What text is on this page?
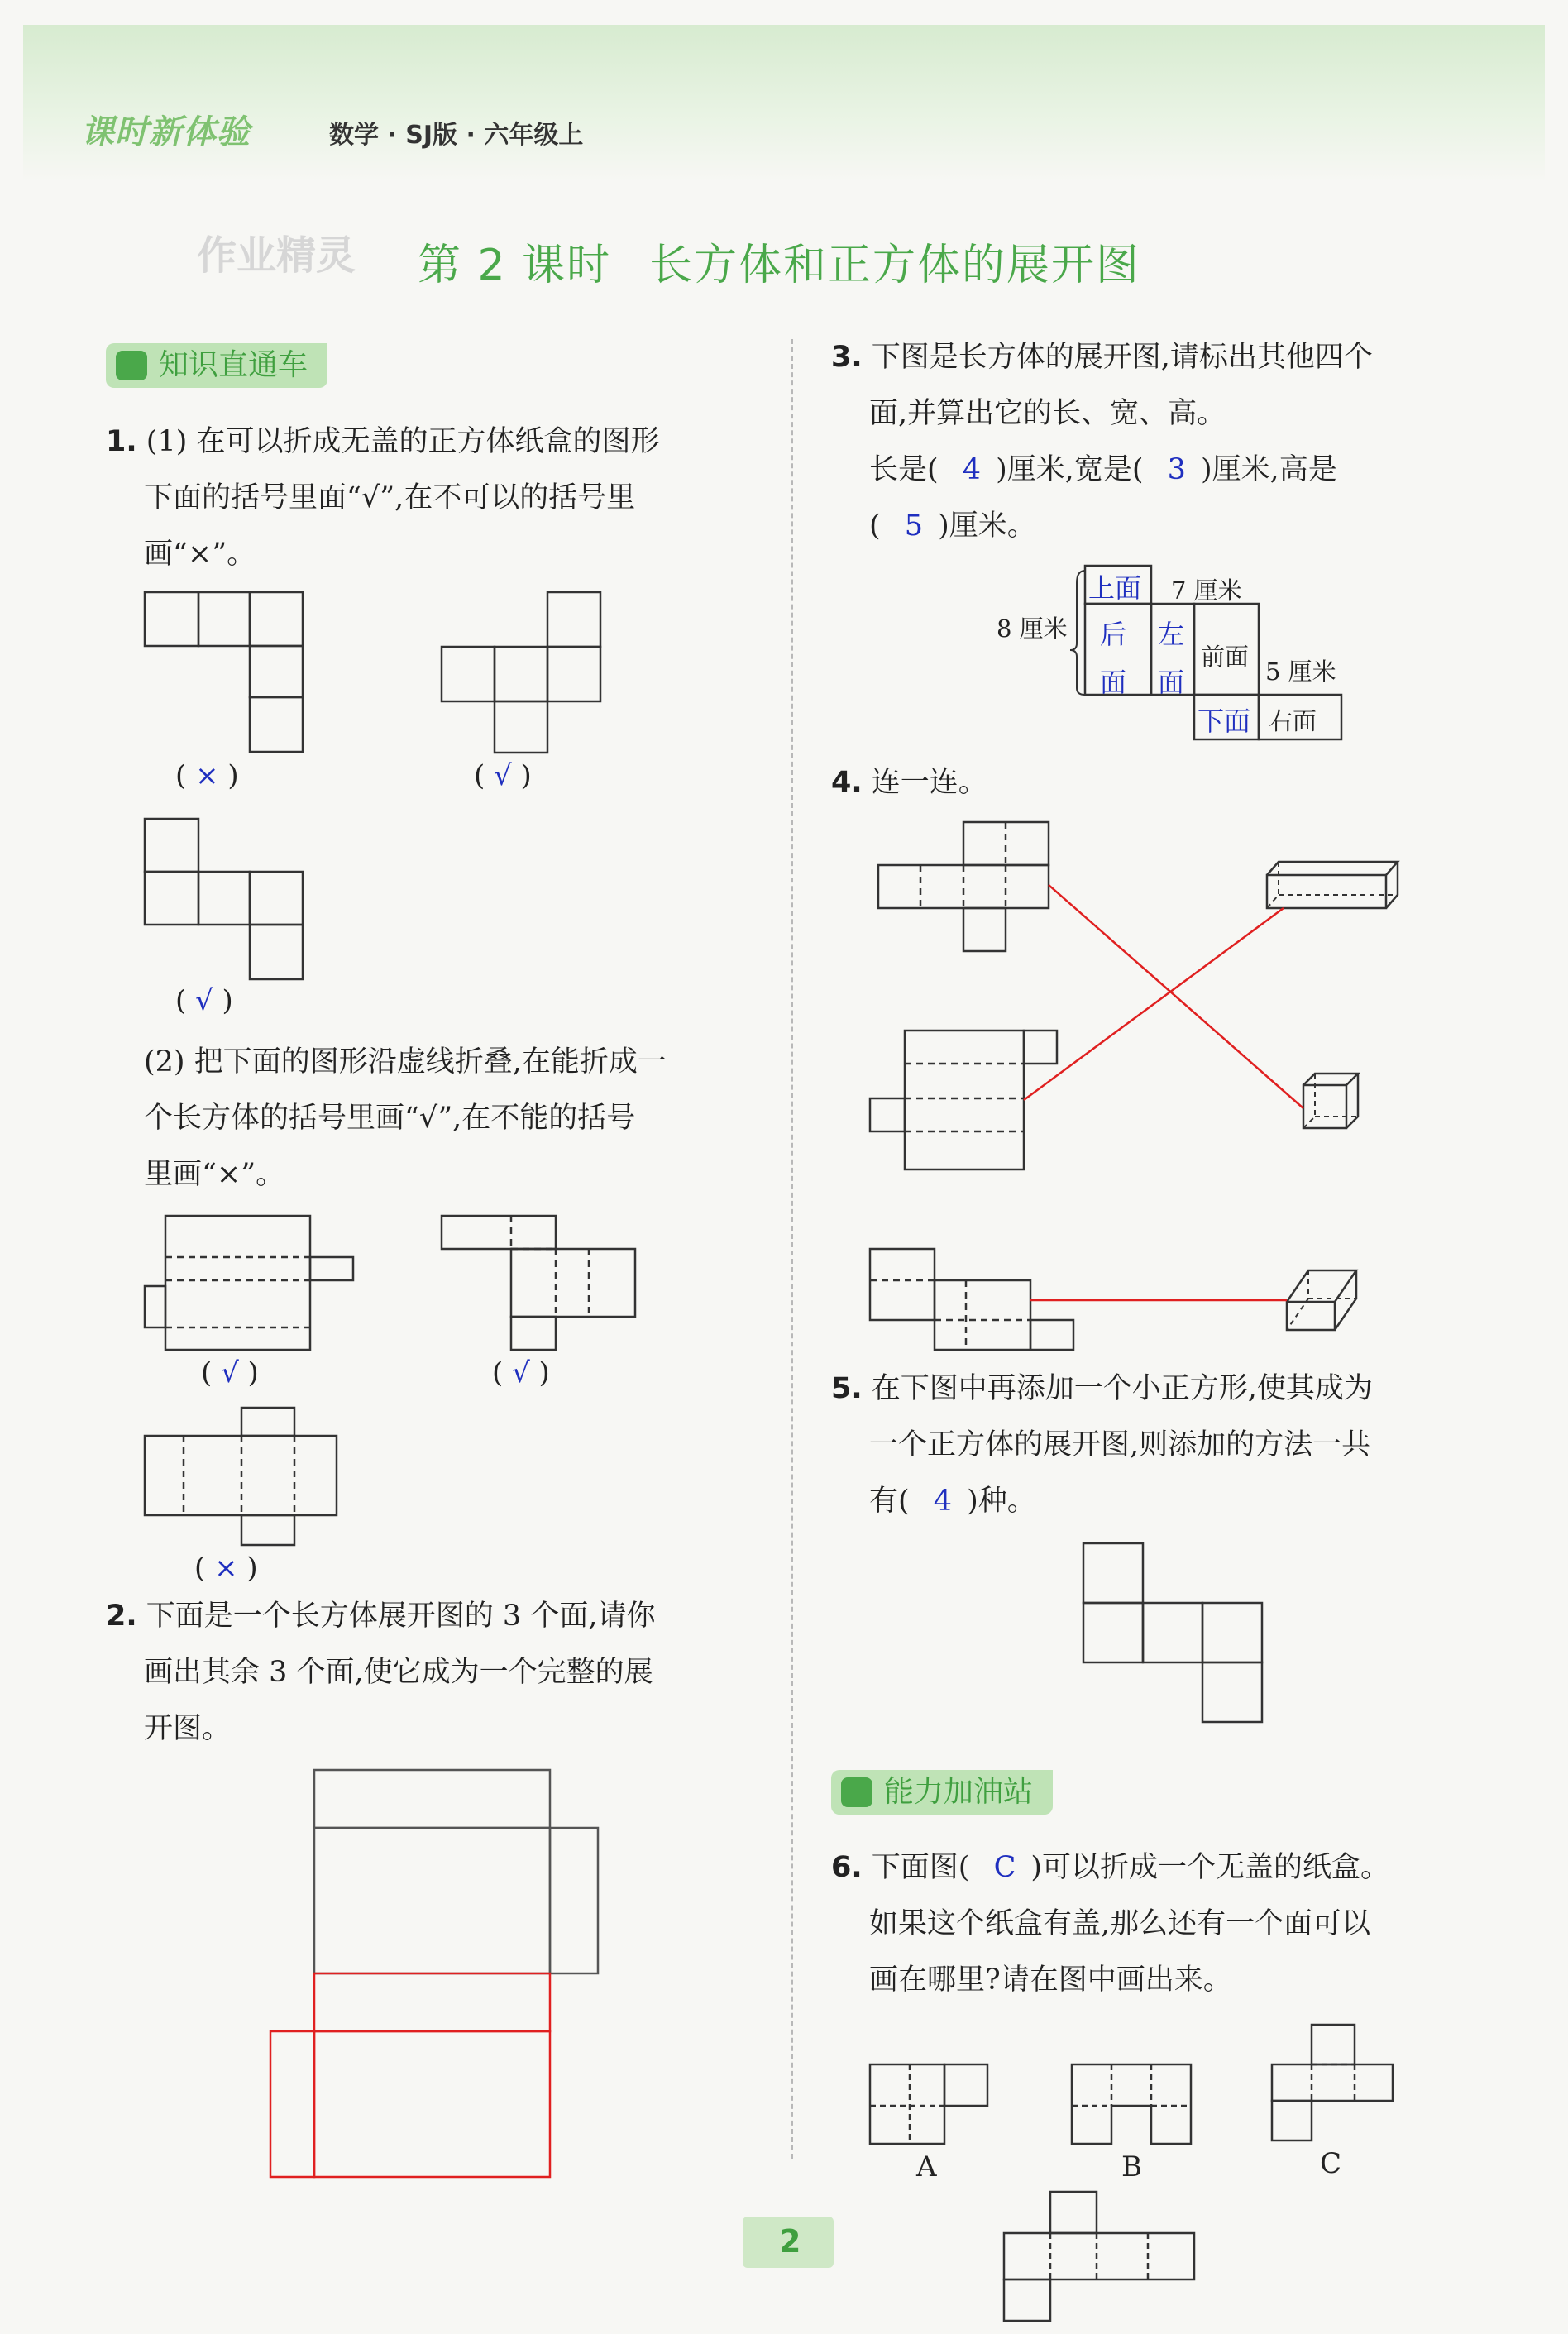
课时新体验	数学 · SJ版 · 六年级上
作业精灵 第 2 课时 长方体和正方体的展开图
知识直通车
1. (1) 在可以折成无盖的正方体纸盒的图形
下面的括号里面“√”,在不可以的括号里
画“×”。
( × )	( √ )
( √ )
(2) 把下面的图形沿虚线折叠,在能折成一
个长方体的括号里画“√”,在不能的括号
里画“×”。
( √ )	( √ )
( × )
2. 下面是一个长方体展开图的 3 个面,请你
画出其余 3 个面,使它成为一个完整的展
开图。
3. 下图是长方体的展开图,请标出其他四个
面,并算出它的长、宽、高。
长是( 4 )厘米,宽是( 3 )厘米,高是
( 5 )厘米。
上面
后
面
左
面
前面
下面 右面
7 厘米
8 厘米
5 厘米
4. 连一连。
5. 在下图中再添加一个小正方形,使其成为
一个正方体的展开图,则添加的方法一共
有( 4 )种。
能力加油站
6. 下面图( C )可以折成一个无盖的纸盒。
如果这个纸盒有盖,那么还有一个面可以
画在哪里?请在图中画出来。
A	B	C
2
